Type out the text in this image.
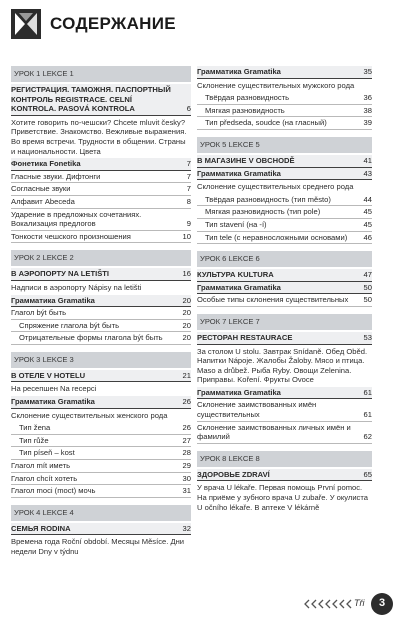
СОДЕРЖАНИЕ
УРОК 1 LEKCE 1
РЕГИСТРАЦИЯ. ТАМОЖНЯ. ПАСПОРТНЫЙ КОНТРОЛЬ REGISTRACE. CELNÍ KONTROLA. PASOVÁ KONTROLA	6
Хотите говорить по-чешски? Chcete mluvit česky? Приветствие. Знакомство. Вежливые выражения. Во время встречи. Трудности в общении. Страны и национальности. Цвета
Фонетика Fonetika	7
Гласные звуки. Дифтонги	7
Согласные звуки	7
Алфавит Abeceda	8
Ударение в предложных сочетаниях. Вокализация предлогов	9
Тонкости чешского произношения	10
УРОК 2 LEKCE 2
В АЭРОПОРТУ NA LETIŠTI	16
Надписи в аэропорту Nápisy na letišti
Грамматика Gramatika	20
Глагол být быть	20
Спряжение глагола být быть	20
Отрицательные формы глагола být быть	20
УРОК 3 LEKCE 3
В ОТЕЛЕ V HOTELU	21
На ресепшен Na recepci
Грамматика Gramatika	26
Склонение существительных женского рода
Тип žena	26
Тип růže	27
Тип píseň – kost	28
Глагол mít иметь	29
Глагол chcít хотеть	30
Глагол moci (moct) мочь	31
УРОК 4 LEKCE 4
СЕМЬЯ RODINA	32
Времена года Roční období. Месяцы Měsíce. Дни недели Dny v týdnu
Грамматика Gramatika	35
Склонение существительных мужского рода
Твёрдая разновидность	36
Мягкая разновидность	38
Тип předseda, soudce (на гласный)	39
УРОК 5 LEKCE 5
В МАГАЗИНЕ V OBCHODĚ	41
Грамматика Gramatika	43
Склонение существительных среднего рода
Твёрдая разновидность (тип město)	44
Мягкая разновидность (тип pole)	45
Тип stavení (на -í)	45
Тип tele (с неравносложными основами)	46
УРОК 6 LEKCE 6
КУЛЬТУРА KULTURA	47
Грамматика Gramatika	50
Особые типы склонения существительных	50
УРОК 7 LEKCE 7
РЕСТОРАН RESTAURACE	53
За столом U stolu. Завтрак Snídaně. Обед Oběd. Напитки Nápoje. Жалобы Žaloby. Мясо и птица. Maso a drůbež. Рыба Ryby. Овощи Zelenina. Приправы. Koření. Фрукты Ovoce
Грамматика Gramatika	61
Склонение заимствованных имён существительных	61
Склонение заимствованных личных имён и фамилий	62
УРОК 8 LEKCE 8
ЗДОРОВЬЕ ZDRAVÍ	65
У врача U lékaře. Первая помощь První pomoc. На приёме у зубного врача U zubaře. У окулиста U očního lékaře. В аптеке V lékárně
Tři	3
